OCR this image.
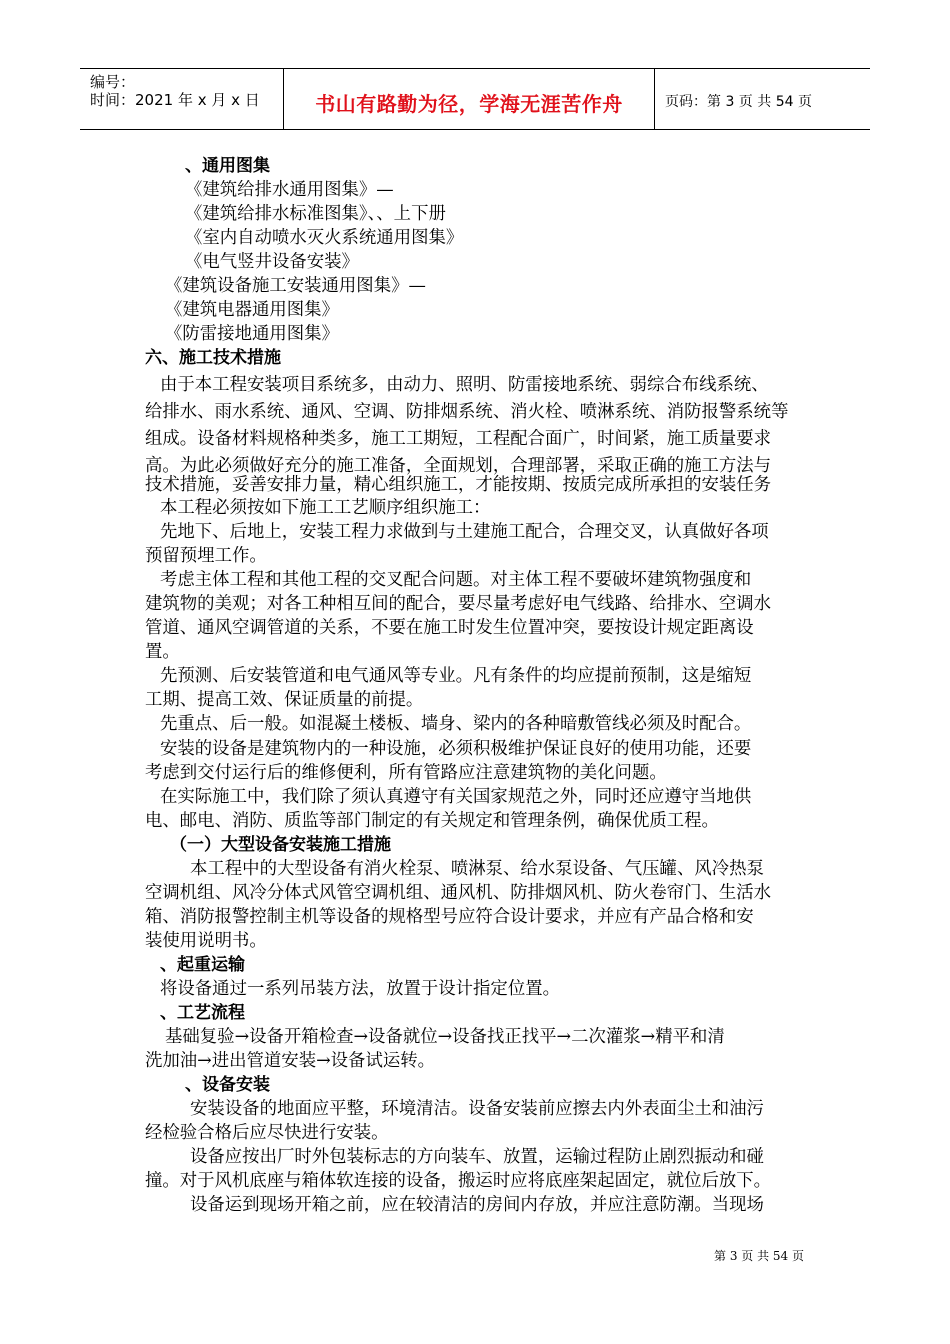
编号：
时间：2021 年 x 月 x 日	书山有路勤为径，学海无涯苦作舟	页码：第 3 页 共 54 页
、通用图集
《建筑给排水通用图集》—
《建筑给排水标准图集》、、上下册
《室内自动喷水灭火系统通用图集》
《电气竖井设备安装》
《建筑设备施工安装通用图集》—
《建筑电器通用图集》
《防雷接地通用图集》
六、施工技术措施
由于本工程安装项目系统多，由动力、照明、防雷接地系统、弱综合布线系统、
给排水、雨水系统、通风、空调、防排烟系统、消火栓、喷淋系统、消防报警系统等
组成。设备材料规格种类多，施工工期短，工程配合面广，时间紧，施工质量要求
高。为此必须做好充分的施工准备，全面规划，合理部署，采取正确的施工方法与
技术措施，妥善安排力量，精心组织施工，才能按期、按质完成所承担的安装任务
本工程必须按如下施工工艺顺序组织施工：
先地下、后地上，安装工程力求做到与土建施工配合，合理交叉，认真做好各项
预留预埋工作。
考虑主体工程和其他工程的交叉配合问题。对主体工程不要破坏建筑物强度和
建筑物的美观；对各工种相互间的配合，要尽量考虑好电气线路、给排水、空调水
管道、通风空调管道的关系，不要在施工时发生位置冲突，要按设计规定距离设
置。
先预测、后安装管道和电气通风等专业。凡有条件的均应提前预制，这是缩短
工期、提高工效、保证质量的前提。
先重点、后一般。如混凝土楼板、墙身、梁内的各种暗敷管线必须及时配合。
安装的设备是建筑物内的一种设施，必须积极维护保证良好的使用功能，还要
考虑到交付运行后的维修便利，所有管路应注意建筑物的美化问题。
在实际施工中，我们除了须认真遵守有关国家规范之外，同时还应遵守当地供
电、邮电、消防、质监等部门制定的有关规定和管理条例，确保优质工程。
（一）大型设备安装施工措施
本工程中的大型设备有消火栓泵、喷淋泵、给水泵设备、气压罐、风冷热泵
空调机组、风冷分体式风管空调机组、通风机、防排烟风机、防火卷帘门、生活水
箱、消防报警控制主机等设备的规格型号应符合设计要求，并应有产品合格和安
装使用说明书。
、起重运输
将设备通过一系列吊装方法，放置于设计指定位置。
、工艺流程
基础复验→设备开箱检查→设备就位→设备找正找平→二次灌浆→精平和清
洗加油→进出管道安装→设备试运转。
、设备安装
安装设备的地面应平整，环境清洁。设备安装前应擦去内外表面尘土和油污
经检验合格后应尽快进行安装。
设备应按出厂时外包装标志的方向装车、放置，运输过程防止剧烈振动和碰
撞。对于风机底座与箱体软连接的设备，搬运时应将底座架起固定，就位后放下。
设备运到现场开箱之前，应在较清洁的房间内存放，并应注意防潮。当现场
第 3 页 共 54 页
